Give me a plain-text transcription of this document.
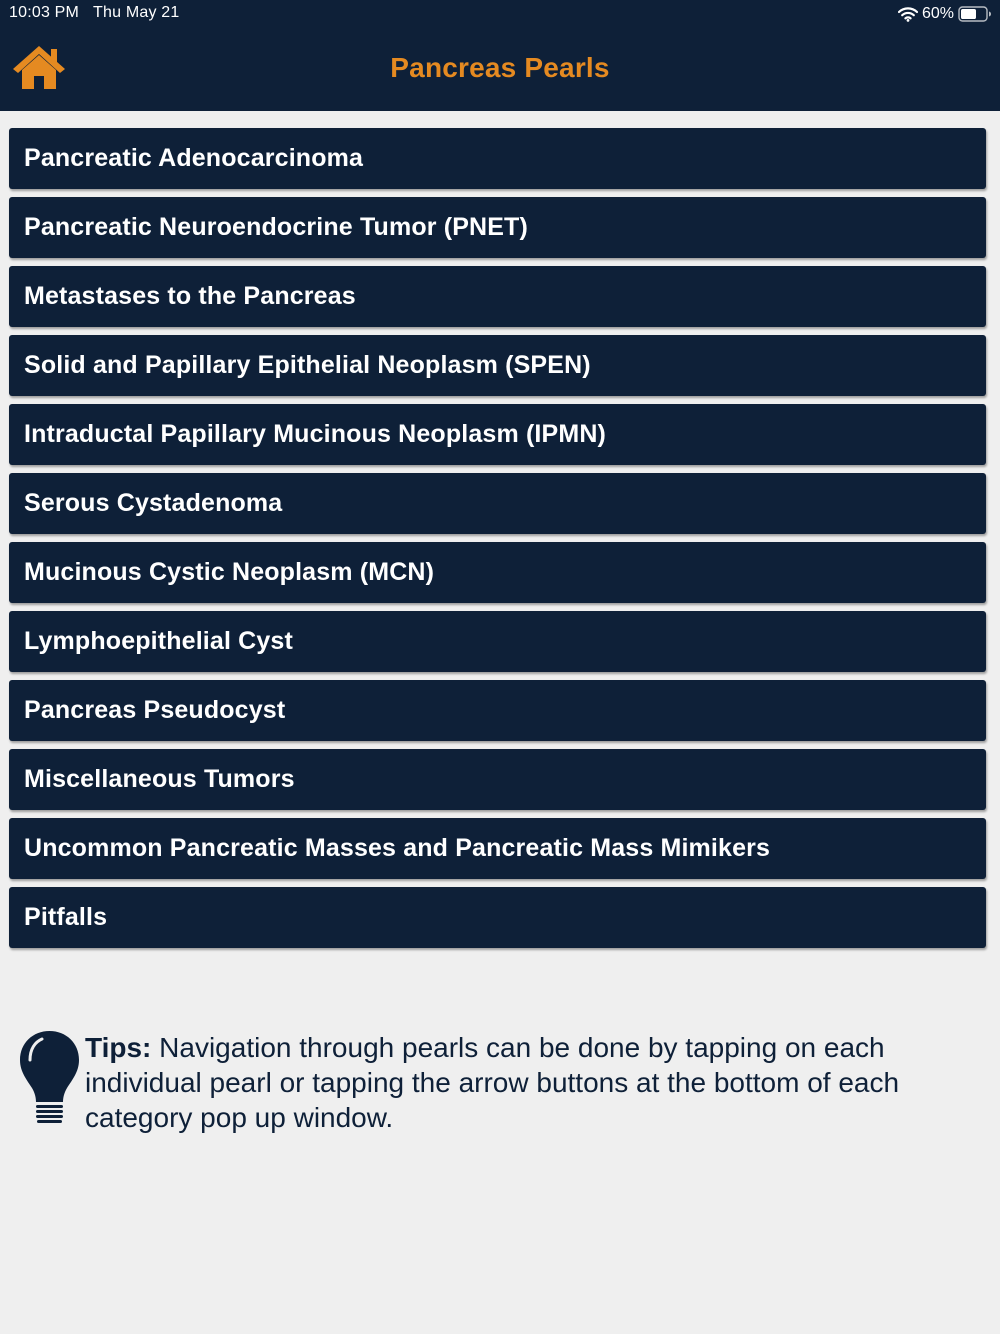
10:03 PM Thu May 21	60%
Pancreas Pearls
Pancreatic Adenocarcinoma
Pancreatic Neuroendocrine Tumor (PNET)
Metastases to the Pancreas
Solid and Papillary Epithelial Neoplasm (SPEN)
Intraductal Papillary Mucinous Neoplasm (IPMN)
Serous Cystadenoma
Mucinous Cystic Neoplasm (MCN)
Lymphoepithelial Cyst
Pancreas Pseudocyst
Miscellaneous Tumors
Uncommon Pancreatic Masses and Pancreatic Mass Mimikers
Pitfalls
Tips: Navigation through pearls can be done by tapping on each individual pearl or tapping the arrow buttons at the bottom of each category pop up window.
